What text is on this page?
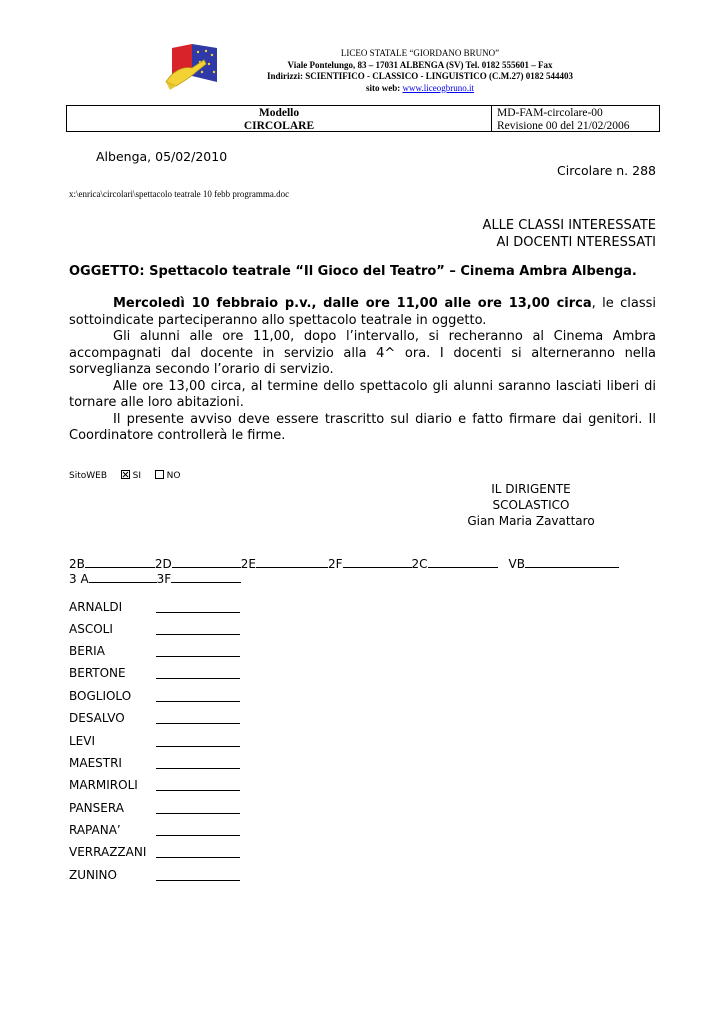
LICEO STATALE “GIORDANO BRUNO”
Viale Pontelungo, 83 – 17031 ALBENGA (SV) Tel. 0182 555601 – Fax
Indirizzi: SCIENTIFICO - CLASSICO - LINGUISTICO (C.M.27) 0182 544403
sito web: www.liceogbruno.it
Modello
CIRCOLARE
MD-FAM-circolare-00
Revisione 00 del 21/02/2006
Albenga, 05/02/2010
Circolare n. 288
x:\enrica\circolari\spettacolo teatrale 10 febb programma.doc
ALLE CLASSI INTERESSATE
AI DOCENTI NTERESSATI
OGGETTO: Spettacolo teatrale “Il Gioco del Teatro” – Cinema Ambra Albenga.

Mercoledì 10 febbraio p.v., dalle ore 11,00 alle ore 13,00 circa, le classi sottoindicate parteciperanno allo spettacolo teatrale in oggetto.

Gli alunni alle ore 11,00, dopo l’intervallo, si recheranno al Cinema Ambra accompagnati dal docente in servizio alla 4^ ora. I docenti si alterneranno nella sorveglianza secondo l’orario di servizio.

Alle ore 13,00 circa, al termine dello spettacolo gli alunni saranno lasciati liberi di tornare alle loro abitazioni.

Il presente avviso deve essere trascritto sul diario e fatto firmare dai genitori. Il Coordinatore controllerà le firme.

SitoWEB	SI	NO
IL DIRIGENTE SCOLASTICO
Gian Maria Zavattaro
2B	2D	2E	2F	2C	VB
3 A	3F
ARNALDI
ASCOLI
BERIA
BERTONE
BOGLIOLO
DESALVO
LEVI
MAESTRI
MARMIROLI
PANSERA
RAPANA’
VERRAZZANI
ZUNINO
